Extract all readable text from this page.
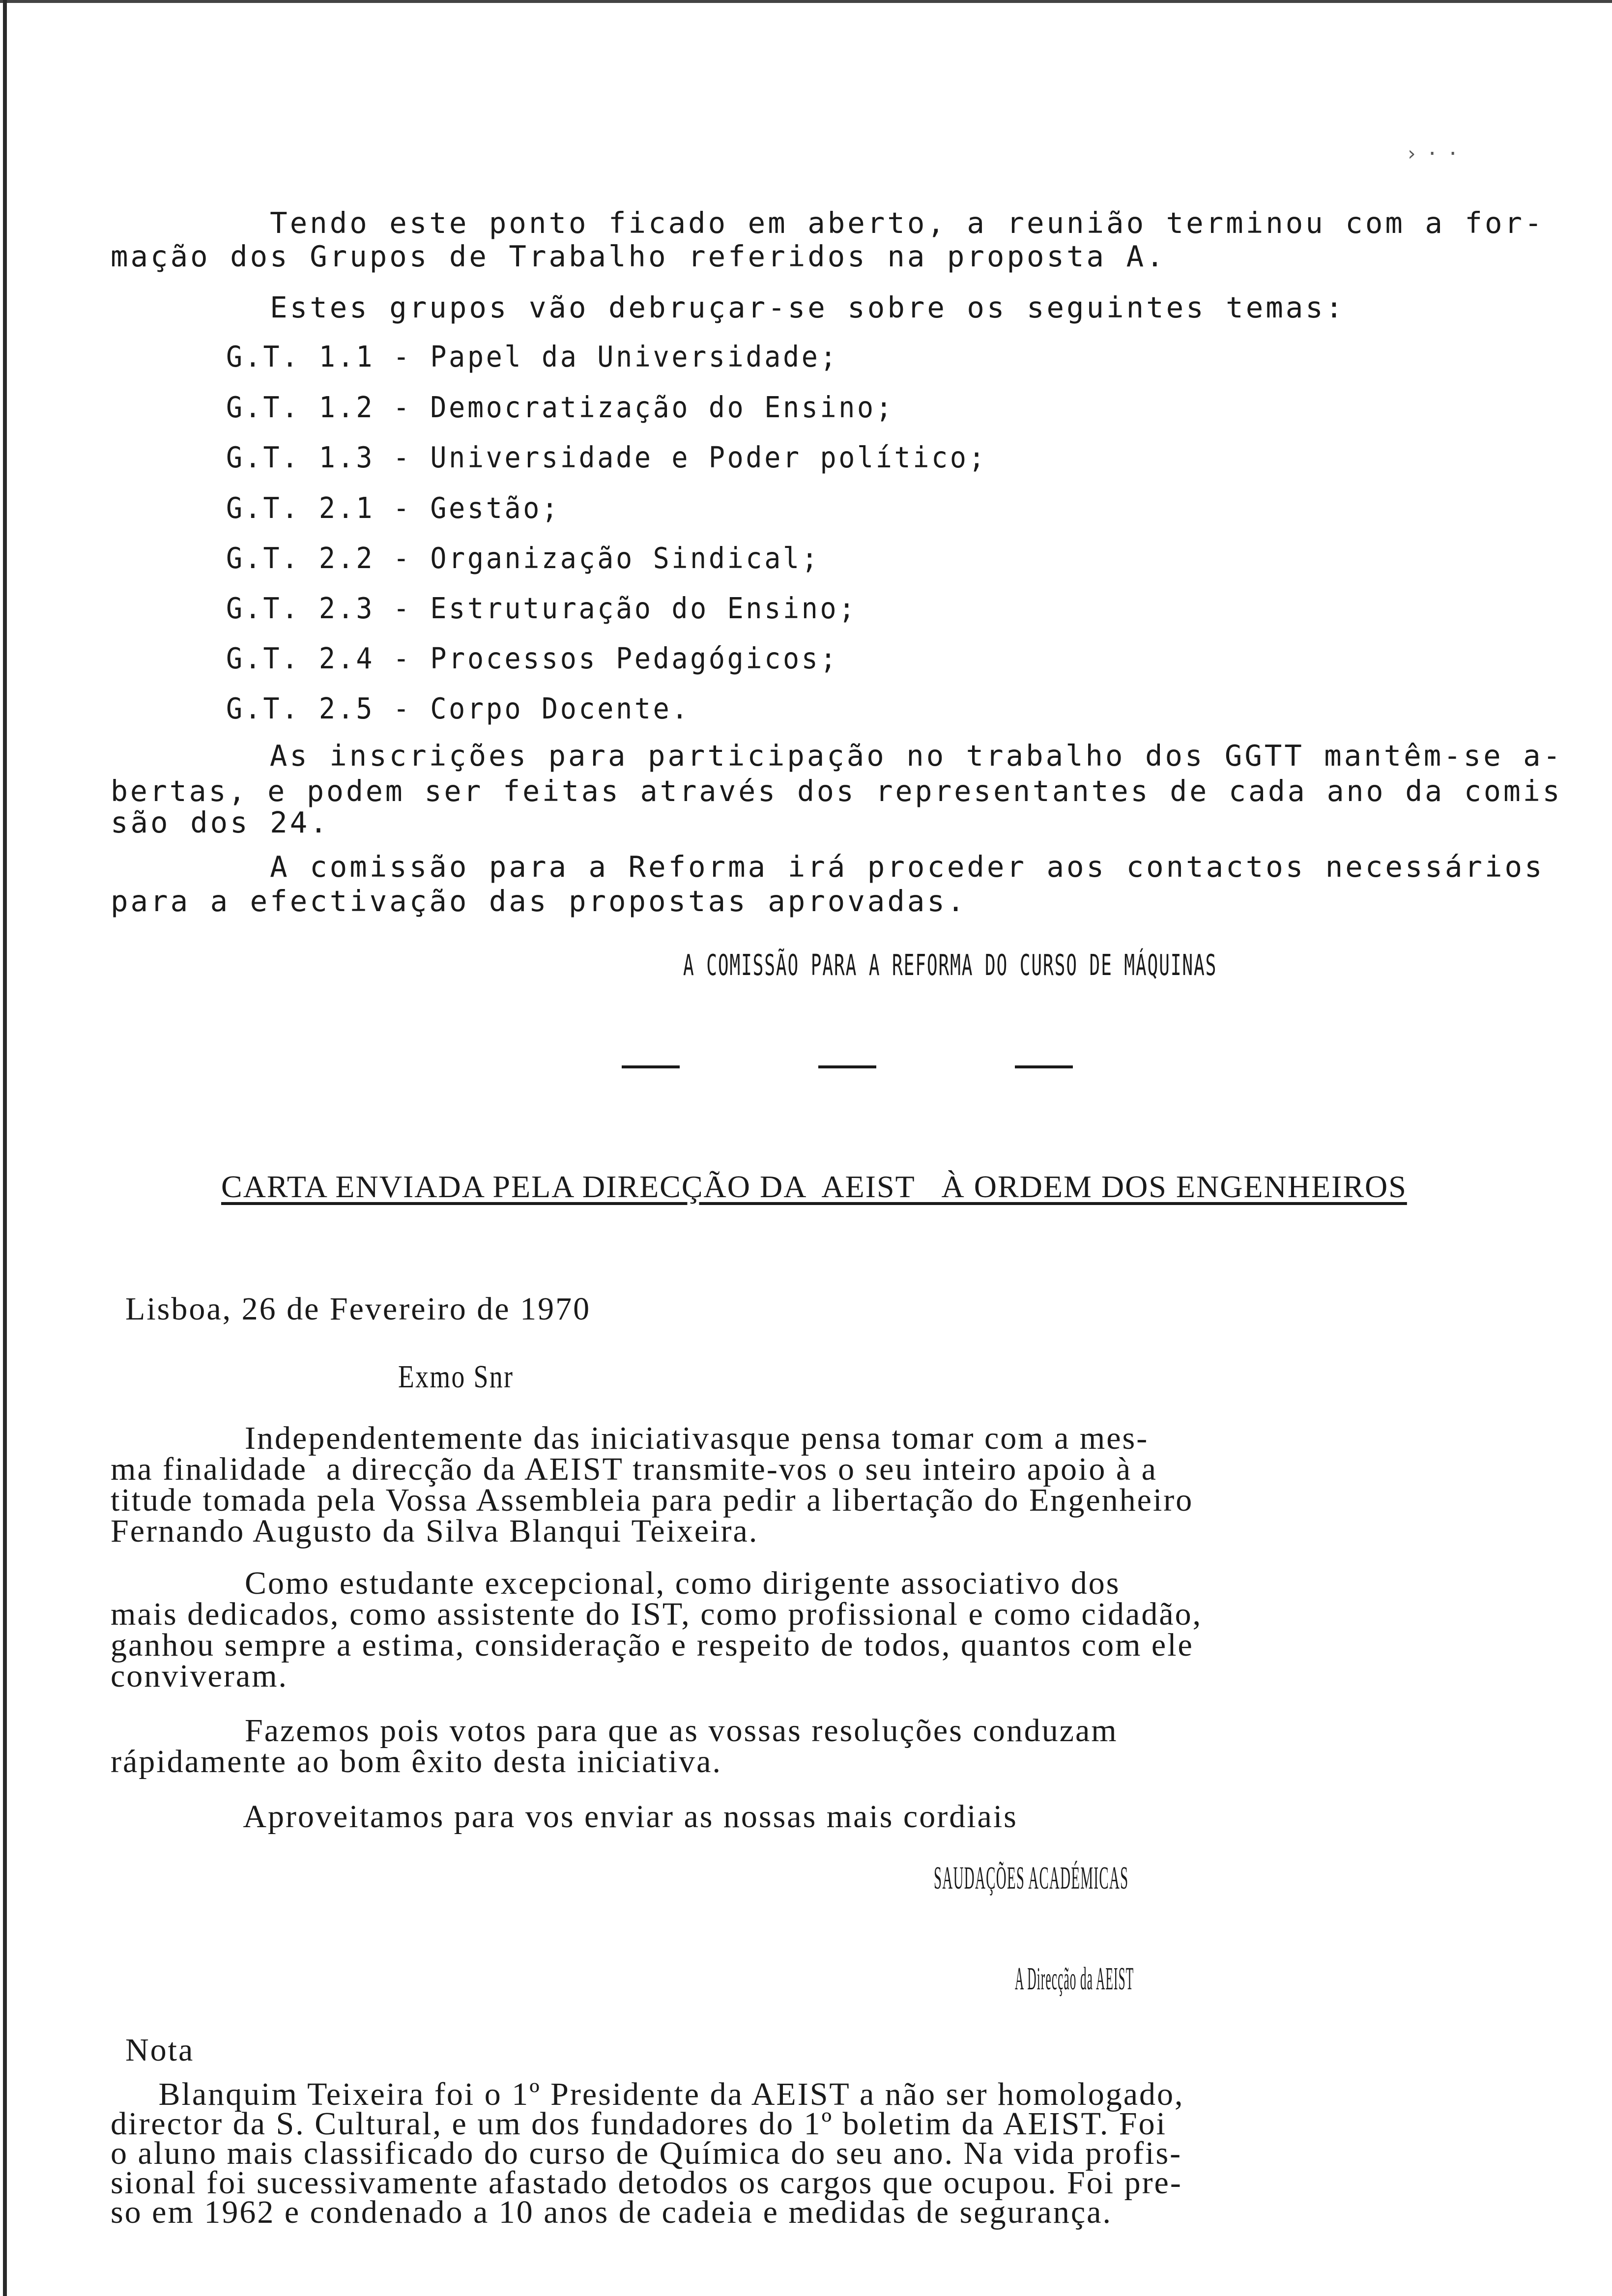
›··
Tendo este ponto ficado em aberto, a reunião terminou com a for-
mação dos Grupos de Trabalho referidos na proposta A.
Estes grupos vão debruçar-se sobre os seguintes temas:
G.T. 1.1 - Papel da Universidade;
G.T. 1.2 - Democratização do Ensino;
G.T. 1.3 - Universidade e Poder político;
G.T. 2.1 - Gestão;
G.T. 2.2 - Organização Sindical;
G.T. 2.3 - Estruturação do Ensino;
G.T. 2.4 - Processos Pedagógicos;
G.T. 2.5 - Corpo Docente.
As inscrições para participação no trabalho dos GGTT mantêm-se a-
bertas, e podem ser feitas através dos representantes de cada ano da comis
são dos 24.
A comissão para a Reforma irá proceder aos contactos necessários
para a efectivação das propostas aprovadas.
A COMISSÃO PARA A REFORMA DO CURSO DE MÁQUINAS
CARTA ENVIADA PELA DIRECÇÃO DA  AEIST   À ORDEM DOS ENGENHEIROS
Lisboa, 26 de Fevereiro de 1970
Exmo Snr
Independentemente das iniciativasque pensa tomar com a mes-
ma finalidade  a direcção da AEIST transmite-vos o seu inteiro apoio à a
titude tomada pela Vossa Assembleia para pedir a libertação do Engenheiro
Fernando Augusto da Silva Blanqui Teixeira.
Como estudante excepcional, como dirigente associativo dos
mais dedicados, como assistente do IST, como profissional e como cidadão,
ganhou sempre a estima, consideração e respeito de todos, quantos com ele
conviveram.
Fazemos pois votos para que as vossas resoluções conduzam
rápidamente ao bom êxito desta iniciativa.
Aproveitamos para vos enviar as nossas mais cordiais
SAUDAÇÕES ACADÉMICAS
A Direcção da AEIST
Nota
Blanquim Teixeira foi o 1º Presidente da AEIST a não ser homologado,
director da S. Cultural, e um dos fundadores do 1º boletim da AEIST. Foi
o aluno mais classificado do curso de Química do seu ano. Na vida profis-
sional foi sucessivamente afastado detodos os cargos que ocupou. Foi pre-
so em 1962 e condenado a 10 anos de cadeia e medidas de segurança.
